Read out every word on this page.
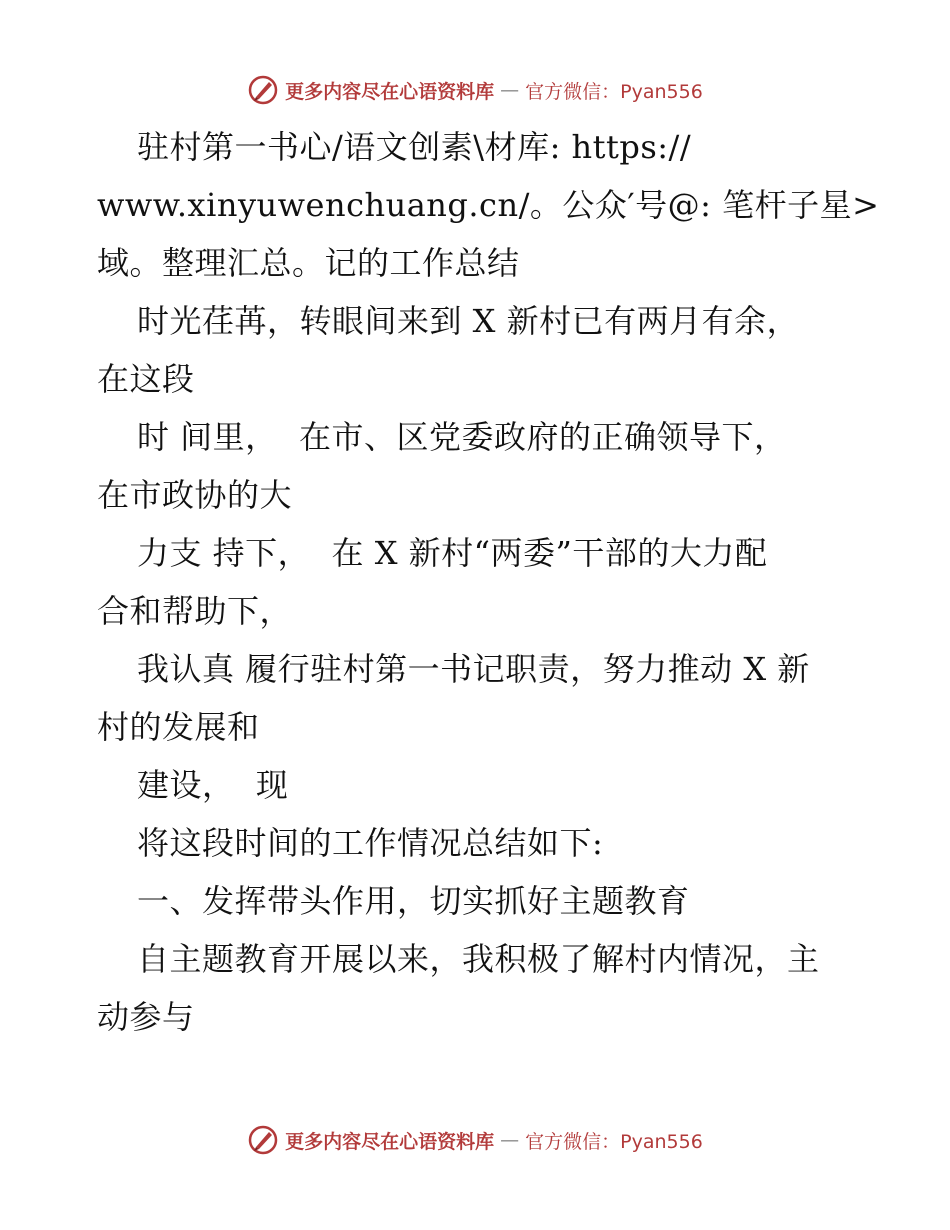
更多内容尽在心语资料库 — 官方微信：Pyan556
驻村第一书心/语文创素\材库: https://
www.xinyuwenchuang.cn/。公众′号@: 笔杆子星>
域。整理汇总。记的工作总结
时光荏苒，转眼间来到 X 新村已有两月有余，
在这段
时 间里，  在市、区党委政府的正确领导下，
在市政协的大
力支 持下，  在 X 新村“两委”干部的大力配
合和帮助下，
我认真 履行驻村第一书记职责，努力推动 X 新
村的发展和
建设，  现
将这段时间的工作情况总结如下:
一、发挥带头作用，切实抓好主题教育
自主题教育开展以来，我积极了解村内情况，主
动参与
更多内容尽在心语资料库 — 官方微信：Pyan556
